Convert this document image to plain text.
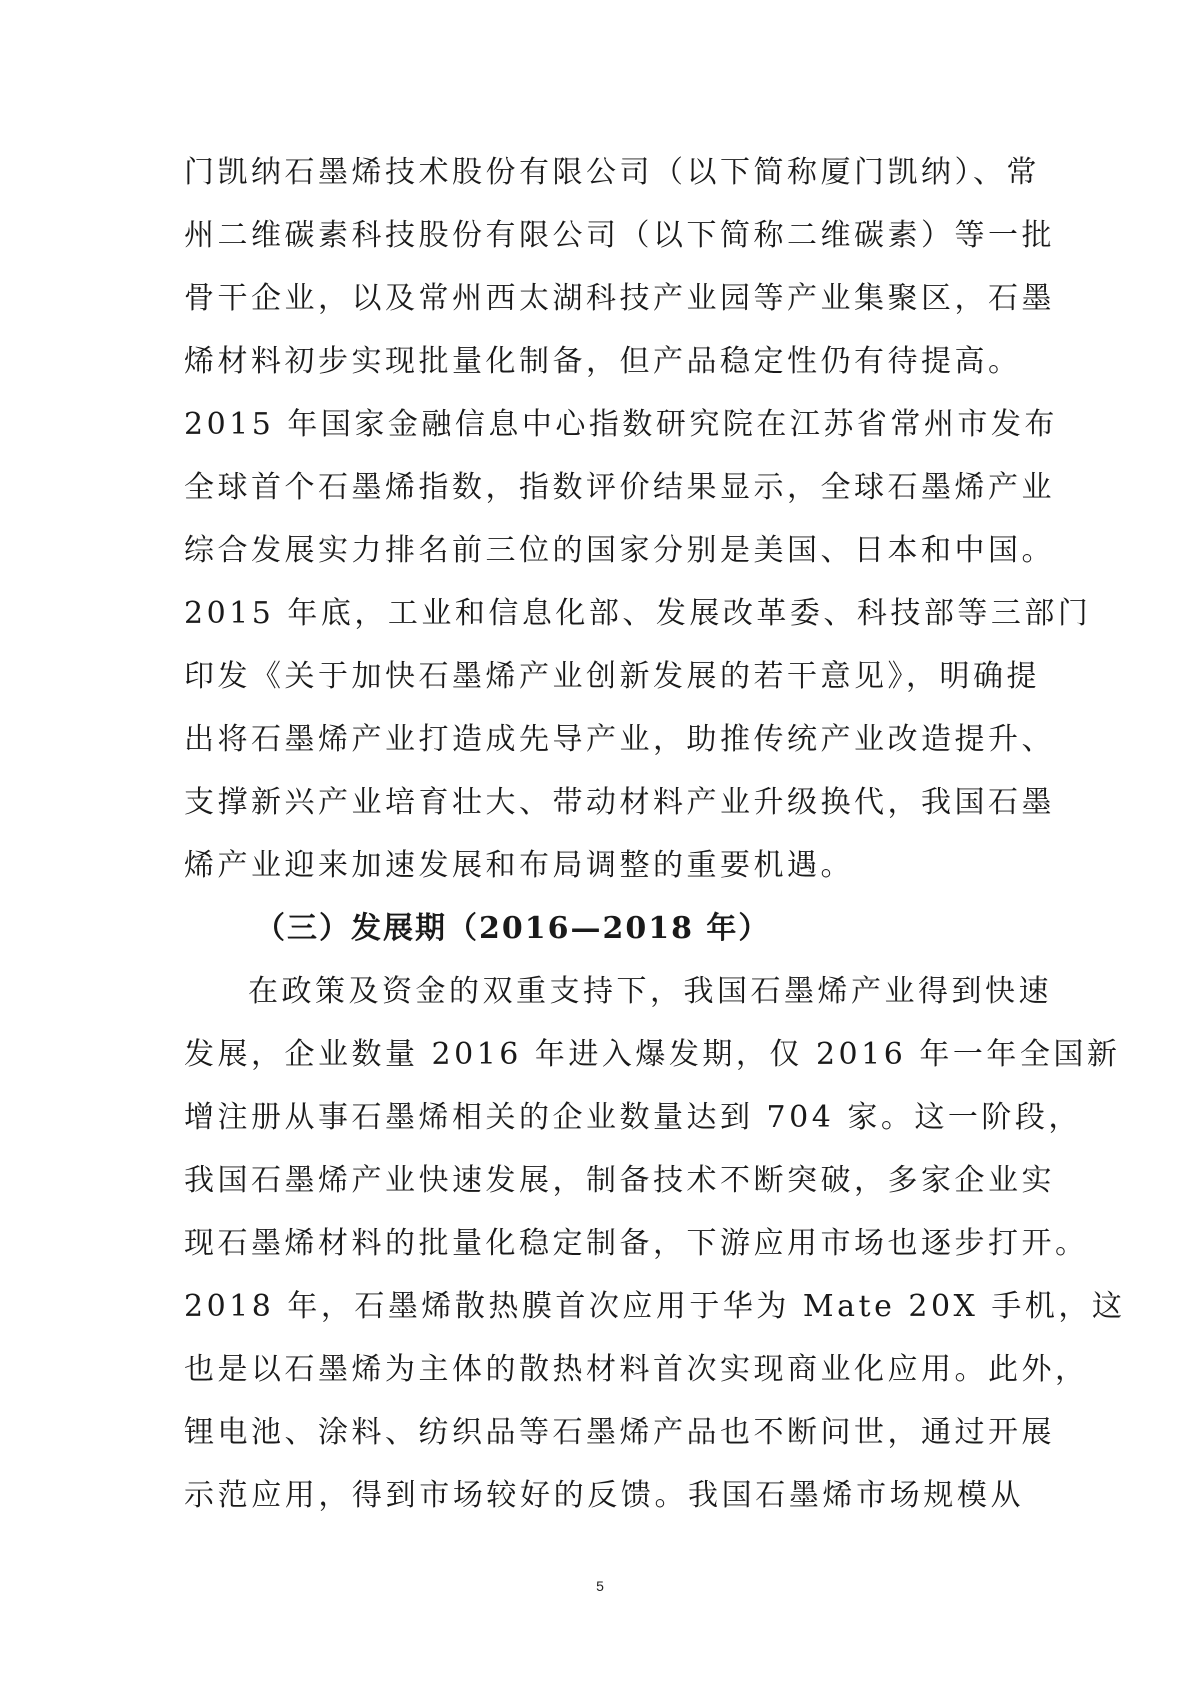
门凯纳石墨烯技术股份有限公司（以下简称厦门凯纳）、常
州二维碳素科技股份有限公司（以下简称二维碳素）等一批
骨干企业，以及常州西太湖科技产业园等产业集聚区，石墨
烯材料初步实现批量化制备，但产品稳定性仍有待提高。
2015 年国家金融信息中心指数研究院在江苏省常州市发布
全球首个石墨烯指数，指数评价结果显示，全球石墨烯产业
综合发展实力排名前三位的国家分别是美国、日本和中国。
2015 年底，工业和信息化部、发展改革委、科技部等三部门
印发《关于加快石墨烯产业创新发展的若干意见》，明确提
出将石墨烯产业打造成先导产业，助推传统产业改造提升、
支撑新兴产业培育壮大、带动材料产业升级换代，我国石墨
烯产业迎来加速发展和布局调整的重要机遇。
（三）发展期（2016—2018 年）
在政策及资金的双重支持下，我国石墨烯产业得到快速
发展，企业数量 2016 年进入爆发期，仅 2016 年一年全国新
增注册从事石墨烯相关的企业数量达到 704 家。这一阶段，
我国石墨烯产业快速发展，制备技术不断突破，多家企业实
现石墨烯材料的批量化稳定制备，下游应用市场也逐步打开。
2018 年，石墨烯散热膜首次应用于华为 Mate 20X 手机，这
也是以石墨烯为主体的散热材料首次实现商业化应用。此外，
锂电池、涂料、纺织品等石墨烯产品也不断问世，通过开展
示范应用，得到市场较好的反馈。我国石墨烯市场规模从
5
